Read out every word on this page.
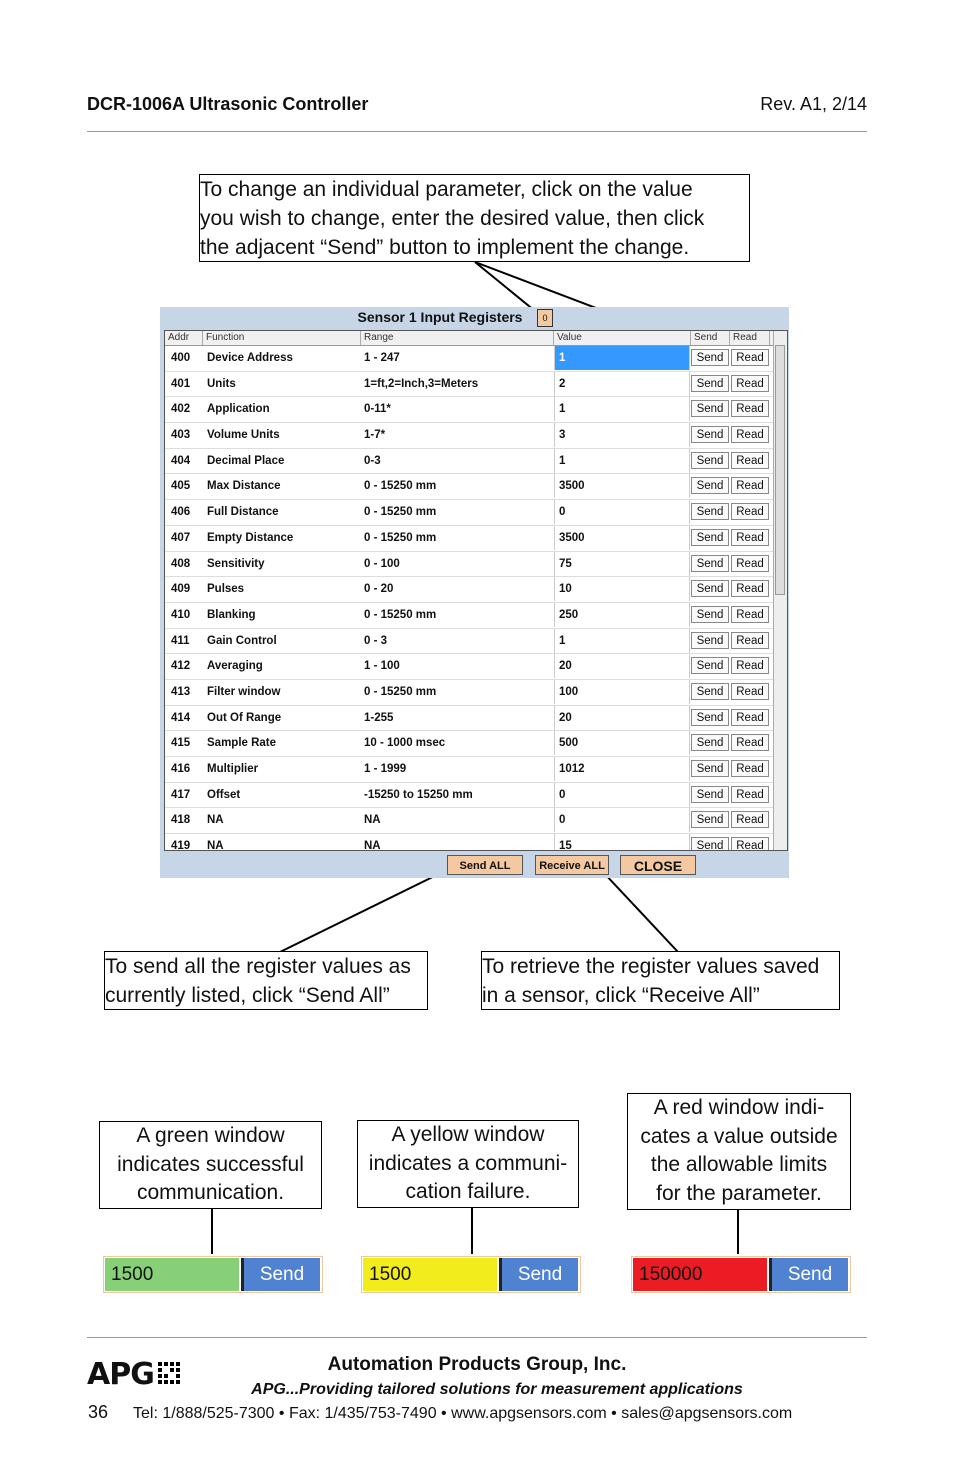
DCR-1006A Ultrasonic Controller	Rev. A1, 2/14
To change an individual parameter, click on the value
you wish to change, enter the desired value, then click
the adjacent “Send” button to implement the change.
Sensor 1 Input Registers	0
Addr	Function	Range	Value	Send	Read
400 Device Address	1 - 247	1	Send	Read
401 Units	1=ft,2=Inch,3=Meters	2	Send	Read
402 Application	0-11*	1	Send	Read
403 Volume Units	1-7*	3	Send	Read
404 Decimal Place	0-3	1	Send	Read
405 Max Distance	0 - 15250 mm	3500	Send	Read
406 Full Distance	0 - 15250 mm	0	Send	Read
407 Empty Distance	0 - 15250 mm	3500	Send	Read
408 Sensitivity	0 - 100	75	Send	Read
409 Pulses	0 - 20	10	Send	Read
410 Blanking	0 - 15250 mm	250	Send	Read
411 Gain Control	0 - 3	1	Send	Read
412 Averaging	1 - 100	20	Send	Read
413 Filter window	0 - 15250 mm	100	Send	Read
414 Out Of Range	1-255	20	Send	Read
415 Sample Rate	10 - 1000 msec	500	Send	Read
416 Multiplier	1 - 1999	1012	Send	Read
417 Offset	-15250 to 15250 mm	0	Send	Read
418 NA	NA	0	Send	Read
419 NA	NA	15	Send	Read
Send ALL	Receive ALL	CLOSE
To send all the register values as
currently listed, click “Send All”
To retrieve the register values saved
in a sensor, click “Receive All”
A green window
indicates successful
communication.
A yellow window
indicates a communi-
cation failure.
A red window indi-
cates a value outside
the allowable limits
for the parameter.
1500	Send	1500	Send	150000	Send
APG	Automation Products Group, Inc.
APG...Providing tailored solutions for measurement applications
36 Tel: 1/888/525-7300 • Fax: 1/435/753-7490 • www.apgsensors.com • sales@apgsensors.com
